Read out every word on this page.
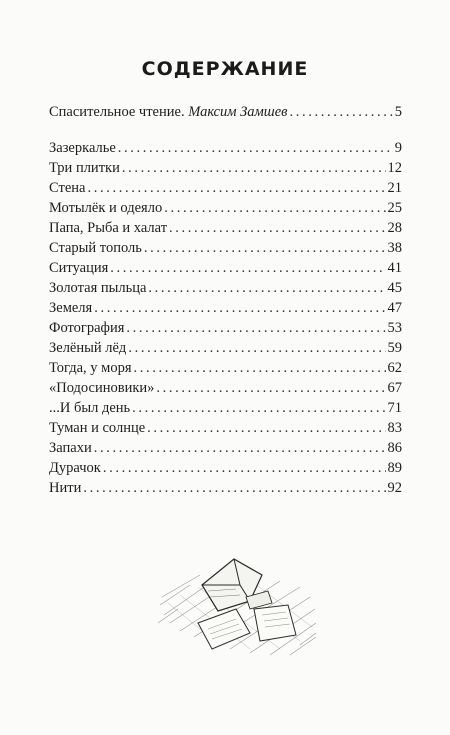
СОДЕРЖАНИЕ
Спасительное чтение. Максим Замшев . . .	5
Зазеркалье . . .	9
Три плитки . . .	12
Стена . . .	21
Мотылёк и одеяло . . .	25
Папа, Рыба и халат . . .	28
Старый тополь . . .	38
Ситуация . . .	41
Золотая пыльца . . .	45
Земеля . . .	47
Фотография . . .	53
Зелёный лёд . . .	59
Тогда, у моря . . .	62
«Подосиновики» . . .	67
...И был день . . .	71
Туман и солнце . . .	83
Запахи . . .	86
Дурачок . . .	89
Нити . . .	92
